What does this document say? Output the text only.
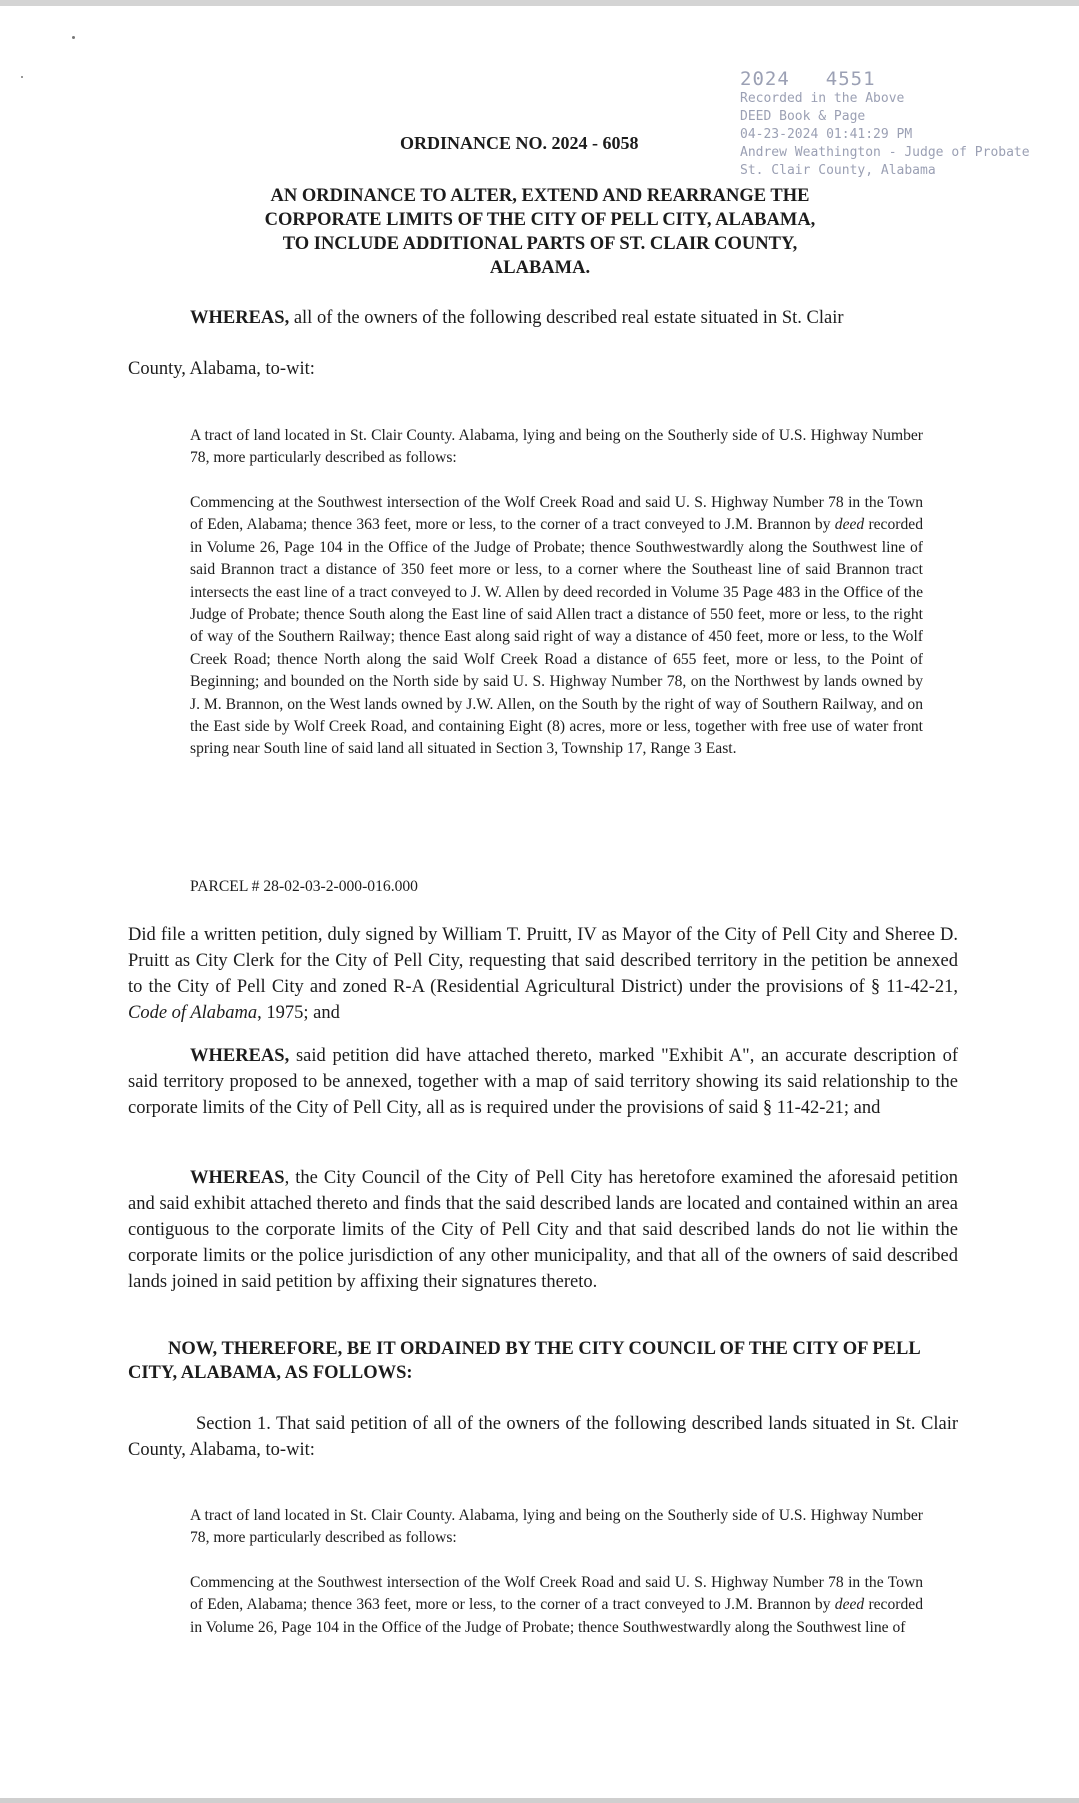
2024 4551
Recorded in the Above
DEED Book & Page
04-23-2024 01:41:29 PM
Andrew Weathington - Judge of Probate
St. Clair County, Alabama
ORDINANCE NO. 2024 - 6058
AN ORDINANCE TO ALTER, EXTEND AND REARRANGE THE CORPORATE LIMITS OF THE CITY OF PELL CITY, ALABAMA, TO INCLUDE ADDITIONAL PARTS OF ST. CLAIR COUNTY, ALABAMA.
WHEREAS, all of the owners of the following described real estate situated in St. Clair
County, Alabama, to-wit:
A tract of land located in St. Clair County. Alabama, lying and being on the Southerly side of U.S. Highway Number 78, more particularly described as follows:
Commencing at the Southwest intersection of the Wolf Creek Road and said U. S. Highway Number 78 in the Town of Eden, Alabama; thence 363 feet, more or less, to the corner of a tract conveyed to J.M. Brannon by deed recorded in Volume 26, Page 104 in the Office of the Judge of Probate; thence Southwestwardly along the Southwest line of said Brannon tract a distance of 350 feet more or less, to a corner where the Southeast line of said Brannon tract intersects the east line of a tract conveyed to J. W. Allen by deed recorded in Volume 35 Page 483 in the Office of the Judge of Probate; thence South along the East line of said Allen tract a distance of 550 feet, more or less, to the right of way of the Southern Railway; thence East along said right of way a distance of 450 feet, more or less, to the Wolf Creek Road; thence North along the said Wolf Creek Road a distance of 655 feet, more or less, to the Point of Beginning; and bounded on the North side by said U. S. Highway Number 78, on the Northwest by lands owned by J. M. Brannon, on the West lands owned by J.W. Allen, on the South by the right of way of Southern Railway, and on the East side by Wolf Creek Road, and containing Eight (8) acres, more or less, together with free use of water front spring near South line of said land all situated in Section 3, Township 17, Range 3 East.
PARCEL # 28-02-03-2-000-016.000
Did file a written petition, duly signed by William T. Pruitt, IV as Mayor of the City of Pell City and Sheree D. Pruitt as City Clerk for the City of Pell City, requesting that said described territory in the petition be annexed to the City of Pell City and zoned R-A (Residential Agricultural District) under the provisions of § 11-42-21, Code of Alabama, 1975; and
WHEREAS, said petition did have attached thereto, marked "Exhibit A", an accurate description of said territory proposed to be annexed, together with a map of said territory showing its said relationship to the corporate limits of the City of Pell City, all as is required under the provisions of said § 11-42-21; and
WHEREAS, the City Council of the City of Pell City has heretofore examined the aforesaid petition and said exhibit attached thereto and finds that the said described lands are located and contained within an area contiguous to the corporate limits of the City of Pell City and that said described lands do not lie within the corporate limits or the police jurisdiction of any other municipality, and that all of the owners of said described lands joined in said petition by affixing their signatures thereto.
NOW, THEREFORE, BE IT ORDAINED BY THE CITY COUNCIL OF THE CITY OF PELL CITY, ALABAMA, AS FOLLOWS:
Section 1. That said petition of all of the owners of the following described lands situated in St. Clair County, Alabama, to-wit:
A tract of land located in St. Clair County. Alabama, lying and being on the Southerly side of U.S. Highway Number 78, more particularly described as follows:
Commencing at the Southwest intersection of the Wolf Creek Road and said U. S. Highway Number 78 in the Town of Eden, Alabama; thence 363 feet, more or less, to the corner of a tract conveyed to J.M. Brannon by deed recorded in Volume 26, Page 104 in the Office of the Judge of Probate; thence Southwestwardly along the Southwest line of
